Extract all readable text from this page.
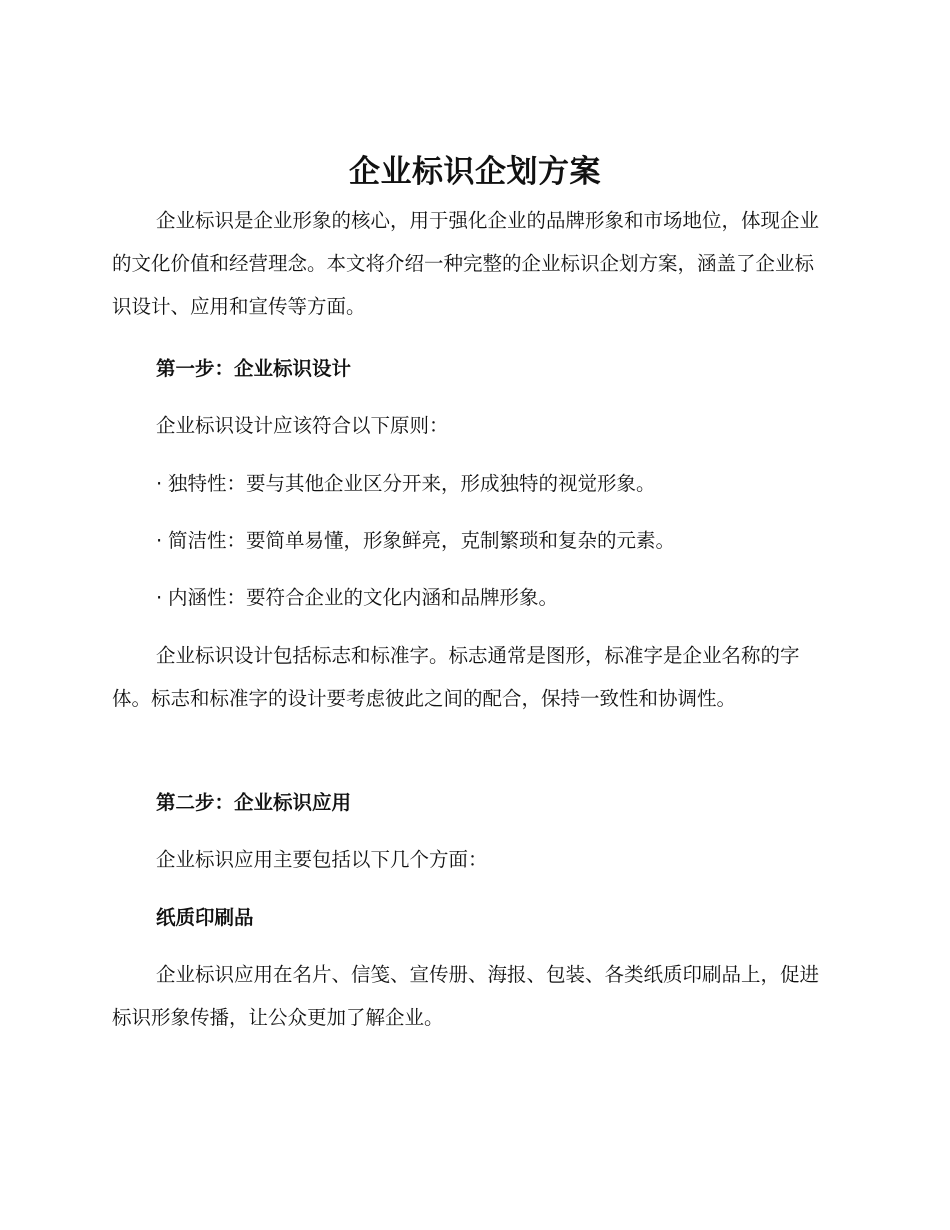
企业标识企划方案

企业标识是企业形象的核心，用于强化企业的品牌形象和市场地位，体现企业的文化价值和经营理念。本文将介绍一种完整的企业标识企划方案，涵盖了企业标识设计、应用和宣传等方面。

第一步：企业标识设计

企业标识设计应该符合以下原则：

· 独特性：要与其他企业区分开来，形成独特的视觉形象。

· 简洁性：要简单易懂，形象鲜亮，克制繁琐和复杂的元素。

· 内涵性：要符合企业的文化内涵和品牌形象。

企业标识设计包括标志和标准字。标志通常是图形，标准字是企业名称的字体。标志和标准字的设计要考虑彼此之间的配合，保持一致性和协调性。

第二步：企业标识应用

企业标识应用主要包括以下几个方面：

纸质印刷品

企业标识应用在名片、信笺、宣传册、海报、包装、各类纸质印刷品上，促进标识形象传播，让公众更加了解企业。
